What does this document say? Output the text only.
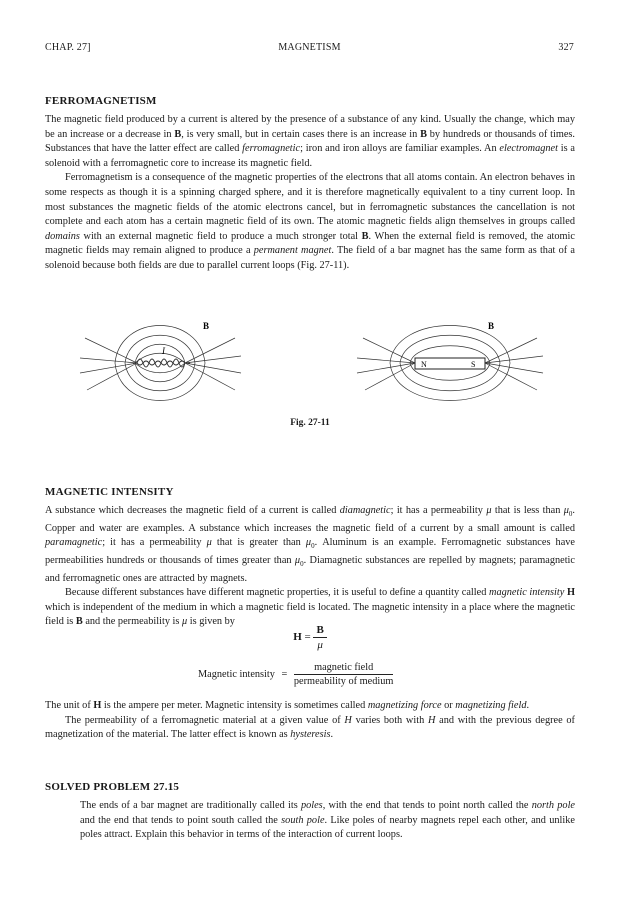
CHAP. 27]	MAGNETISM	327
FERROMAGNETISM

The magnetic field produced by a current is altered by the presence of a substance of any kind. Usually the change, which may be an increase or a decrease in B, is very small, but in certain cases there is an increase in B by hundreds or thousands of times. Substances that have the latter effect are called ferromagnetic; iron and iron alloys are familiar examples. An electromagnet is a solenoid with a ferromagnetic core to increase its magnetic field.

Ferromagnetism is a consequence of the magnetic properties of the electrons that all atoms contain. An electron behaves in some respects as though it is a spinning charged sphere, and it is therefore magnetically equivalent to a tiny current loop. In most substances the magnetic fields of the atomic electrons cancel, but in ferromagnetic substances the cancellation is not complete and each atom has a certain magnetic field of its own. The atomic magnetic fields align themselves in groups called domains with an external magnetic field to produce a much stronger total B. When the external field is removed, the atomic magnetic fields may remain aligned to produce a permanent magnet. The field of a bar magnet has the same form as that of a solenoid because both fields are due to parallel current loops (Fig. 27-11).

B
I
B
N	S
Fig. 27-11
MAGNETIC INTENSITY

A substance which decreases the magnetic field of a current is called diamagnetic; it has a permeability μ that is less than $\mu_0$. Copper and water are examples. A substance which increases the magnetic field of a current by a small amount is called paramagnetic; it has a permeability μ that is greater than $\mu_0$. Aluminum is an example. Ferromagnetic substances have permeabilities hundreds or thousands of times greater than $\mu_0$. Diamagnetic substances are repelled by magnets; paramagnetic and ferromagnetic ones are attracted by magnets.

Because different substances have different magnetic properties, it is useful to define a quantity called magnetic intensity H which is independent of the medium in which a magnetic field is located. The magnetic intensity in a place where the magnetic field is B and the permeability is μ is given by

$H = \frac{B}{\mu}$
Magnetic intensity = $\frac{\text{magnetic field}}{\text{permeability of medium}}$

The unit of H is the ampere per meter. Magnetic intensity is sometimes called magnetizing force or magnetizing field.

The permeability of a ferromagnetic material at a given value of H varies both with H and with the previous degree of magnetization of the material. The latter effect is known as hysteresis.

SOLVED PROBLEM 27.15

The ends of a bar magnet are traditionally called its poles, with the end that tends to point north called the north pole and the end that tends to point south called the south pole. Like poles of nearby magnets repel each other, and unlike poles attract. Explain this behavior in terms of the interaction of current loops.
